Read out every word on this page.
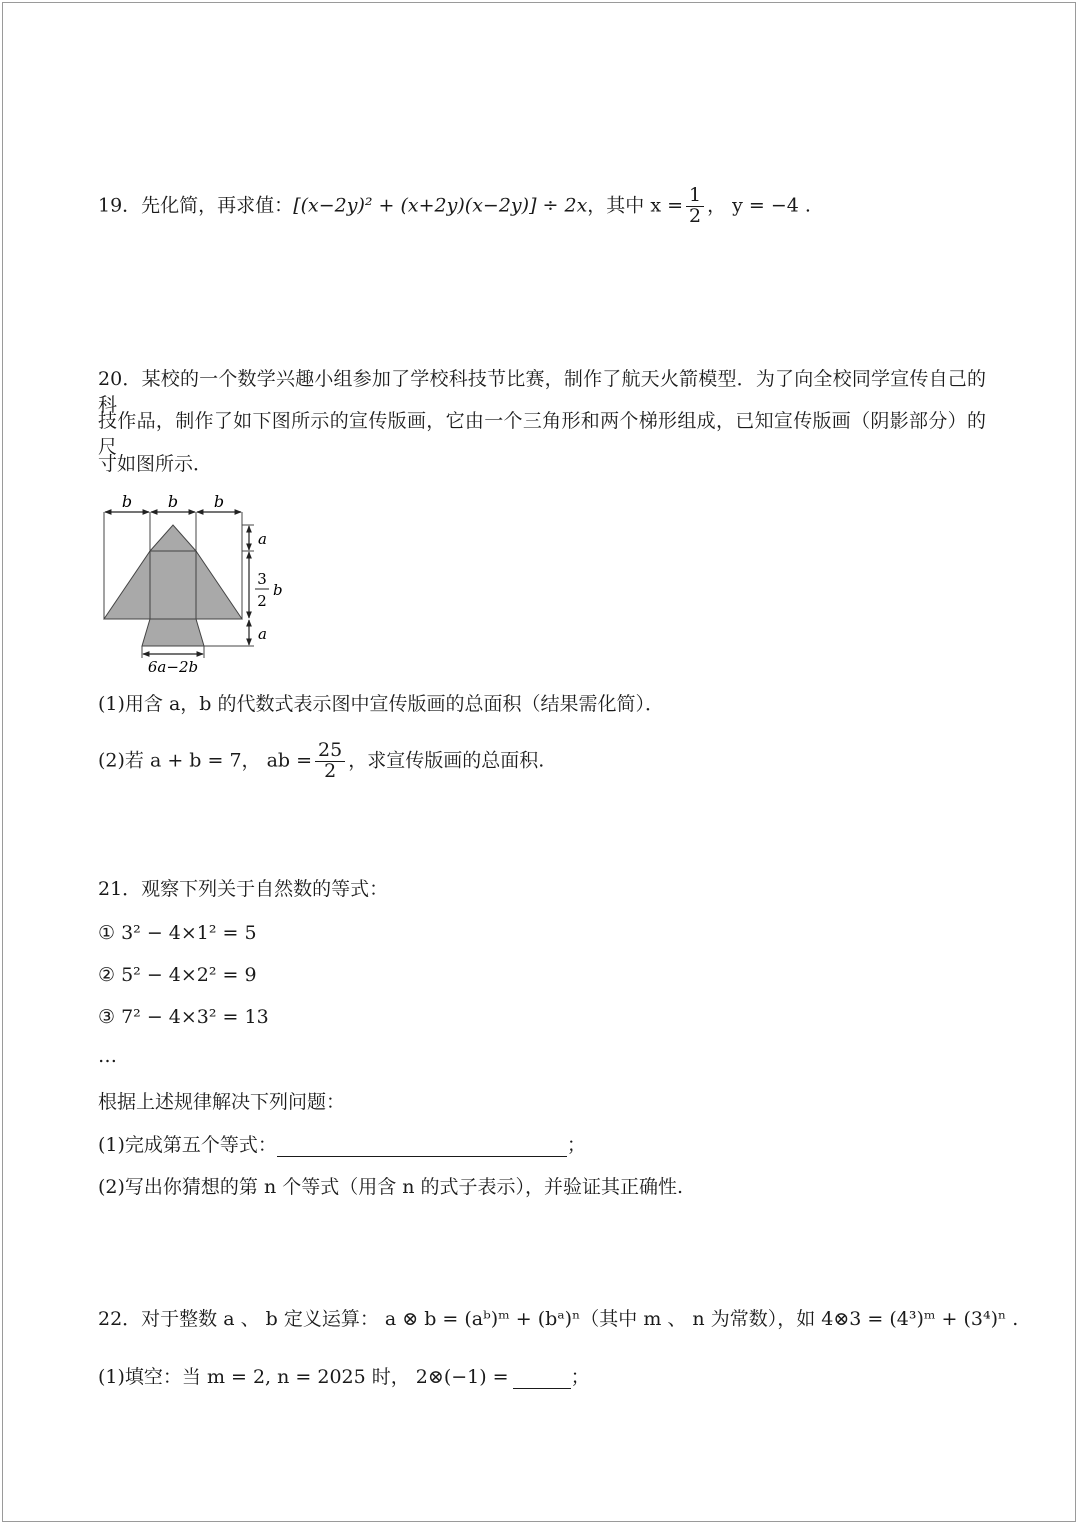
19．先化简，再求值：[(x−2y)² + (x+2y)(x−2y)] ÷ 2x，其中 $x = \frac{1}{2}$ ， y = −4 .
20．某校的一个数学兴趣小组参加了学校科技节比赛，制作了航天火箭模型．为了向全校同学宣传自己的科
技作品，制作了如下图所示的宣传版画，它由一个三角形和两个梯形组成，已知宣传版画（阴影部分）的尺
寸如图所示．
b b b
a
3
2
b
a
6a−2b
(1)用含 a，b 的代数式表示图中宣传版画的总面积（结果需化简）．
(2)若 a + b = 7， ab = $\frac{25}{2}$ ，求宣传版画的总面积.
21．观察下列关于自然数的等式：
① 3² − 4×1² = 5
② 5² − 4×2² = 9
③ 7² − 4×3² = 13
…
根据上述规律解决下列问题：
(1)完成第五个等式：	；
(2)写出你猜想的第 n 个等式（用含 n 的式子表示），并验证其正确性.
22．对于整数 a 、 b 定义运算： a ⊗ b = (aᵇ)ᵐ + (bᵃ)ⁿ（其中 m 、 n 为常数），如 4⊗3 = (4³)ᵐ + (3⁴)ⁿ .
(1)填空：当 m = 2, n = 2025 时， 2⊗(−1) =	；
